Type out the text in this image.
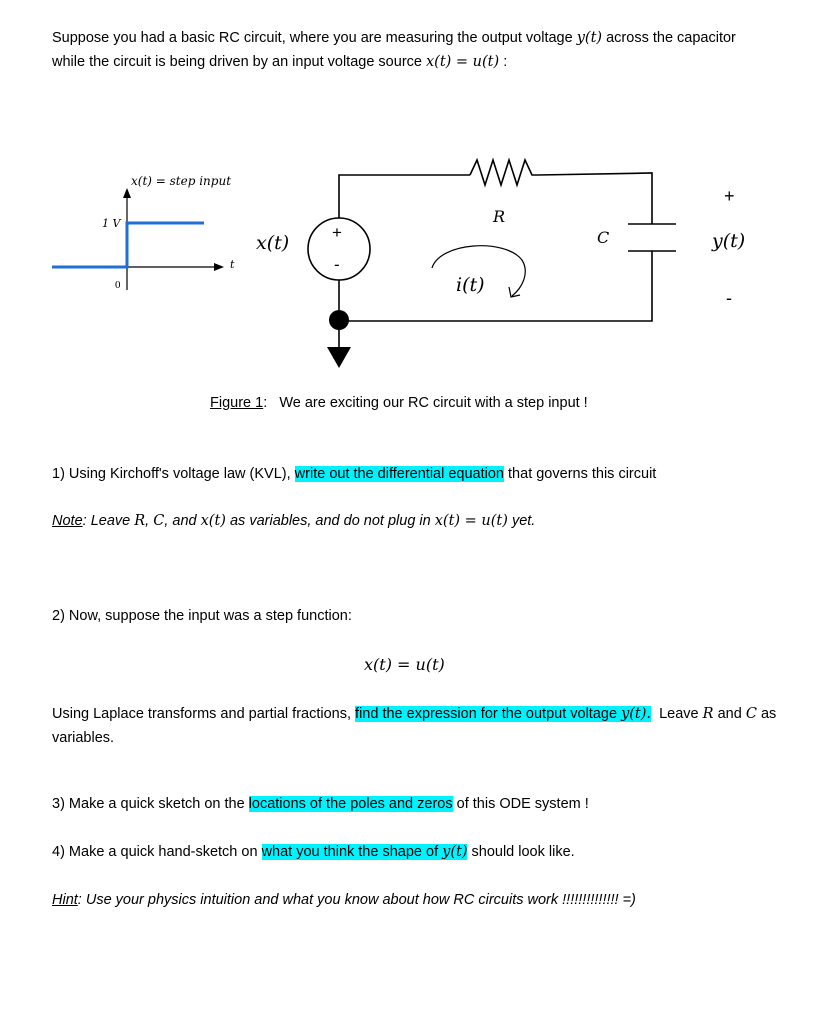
Suppose you had a basic RC circuit, where you are measuring the output voltage y(t) across the capacitor while the circuit is being driven by an input voltage source x(t) = u(t) :
x(t) = step input
1 V
0
t
R
C
+
-
x(t)
i(t)
+
y(t)
-
Figure 1: We are exciting our RC circuit with a step input !
1) Using Kirchoff's voltage law (KVL), write out the differential equation that governs this circuit
Note: Leave R, C, and x(t) as variables, and do not plug in x(t) = u(t) yet.
2) Now, suppose the input was a step function:
x(t) = u(t)
Using Laplace transforms and partial fractions, find the expression for the output voltage y(t). Leave R and C as variables.
3) Make a quick sketch on the locations of the poles and zeros of this ODE system !
4) Make a quick hand-sketch on what you think the shape of y(t) should look like.
Hint: Use your physics intuition and what you know about how RC circuits work !!!!!!!!!!!!!! =)
